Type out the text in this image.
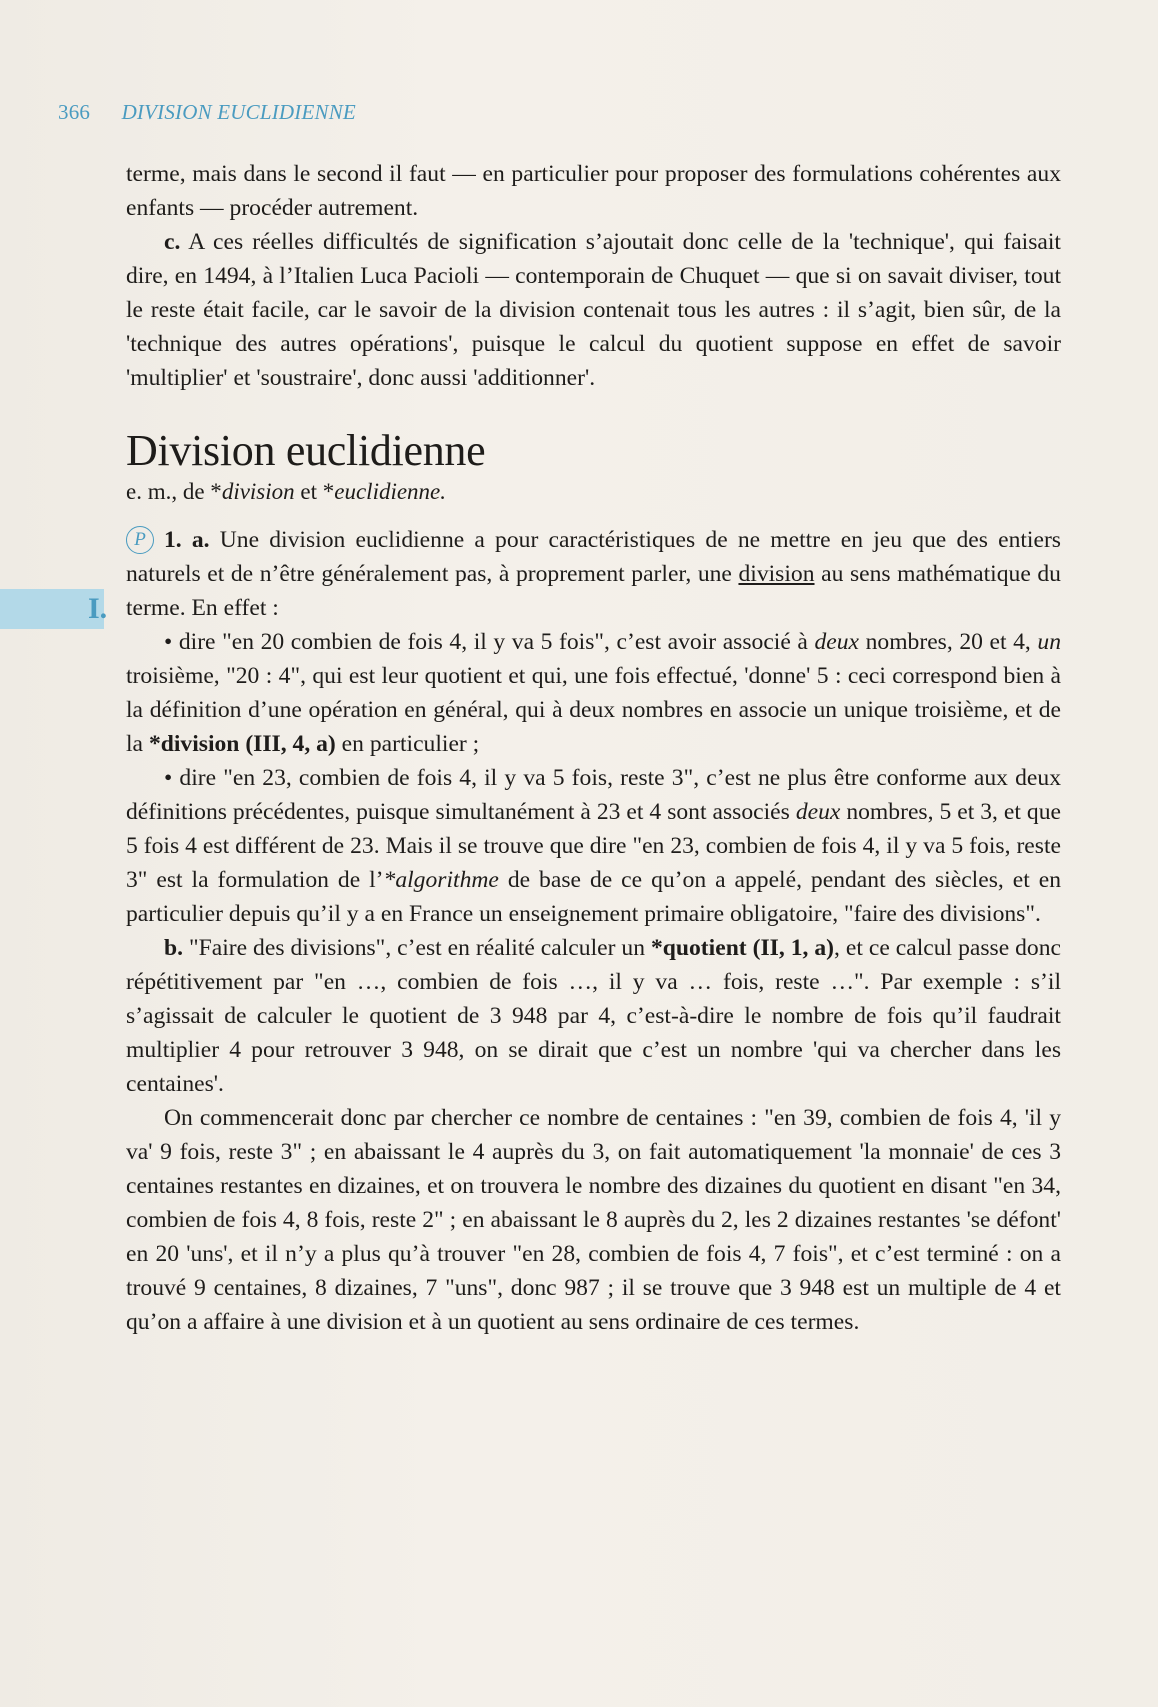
366 DIVISION EUCLIDIENNE
I.

terme, mais dans le second il faut — en particulier pour proposer des formulations cohérentes aux enfants — procéder autrement.

c. A ces réelles difficultés de signification s’ajoutait donc celle de la 'technique', qui faisait dire, en 1494, à l’Italien Luca Pacioli — contemporain de Chuquet — que si on savait diviser, tout le reste était facile, car le savoir de la division contenait tous les autres : il s’agit, bien sûr, de la 'technique des autres opérations', puisque le calcul du quotient suppose en effet de savoir 'multiplier' et 'soustraire', donc aussi 'additionner'.

Division euclidienne
e. m., de *division et *euclidienne.

P 1. a. Une division euclidienne a pour caractéristiques de ne mettre en jeu que des entiers naturels et de n’être généralement pas, à proprement parler, une division au sens mathématique du terme. En effet :

• dire "en 20 combien de fois 4, il y va 5 fois", c’est avoir associé à deux nombres, 20 et 4, un troisième, "20 : 4", qui est leur quotient et qui, une fois effectué, 'donne' 5 : ceci correspond bien à la définition d’une opération en général, qui à deux nombres en associe un unique troisième, et de la *division (III, 4, a) en particulier ;

• dire "en 23, combien de fois 4, il y va 5 fois, reste 3", c’est ne plus être conforme aux deux définitions précédentes, puisque simultanément à 23 et 4 sont associés deux nombres, 5 et 3, et que 5 fois 4 est différent de 23. Mais il se trouve que dire "en 23, combien de fois 4, il y va 5 fois, reste 3" est la formulation de l’*algorithme de base de ce qu’on a appelé, pendant des siècles, et en particulier depuis qu’il y a en France un enseignement primaire obligatoire, "faire des divisions".

b. "Faire des divisions", c’est en réalité calculer un *quotient (II, 1, a), et ce calcul passe donc répétitivement par "en …, combien de fois …, il y va … fois, reste …". Par exemple : s’il s’agissait de calculer le quotient de 3 948 par 4, c’est-à-dire le nombre de fois qu’il faudrait multiplier 4 pour retrouver 3 948, on se dirait que c’est un nombre 'qui va chercher dans les centaines'.

On commencerait donc par chercher ce nombre de centaines : "en 39, combien de fois 4, 'il y va' 9 fois, reste 3" ; en abaissant le 4 auprès du 3, on fait automatiquement 'la monnaie' de ces 3 centaines restantes en dizaines, et on trouvera le nombre des dizaines du quotient en disant "en 34, combien de fois 4, 8 fois, reste 2" ; en abaissant le 8 auprès du 2, les 2 dizaines restantes 'se défont' en 20 'uns', et il n’y a plus qu’à trouver "en 28, combien de fois 4, 7 fois", et c’est terminé : on a trouvé 9 centaines, 8 dizaines, 7 "uns", donc 987 ; il se trouve que 3 948 est un multiple de 4 et qu’on a affaire à une division et à un quotient au sens ordinaire de ces termes.
